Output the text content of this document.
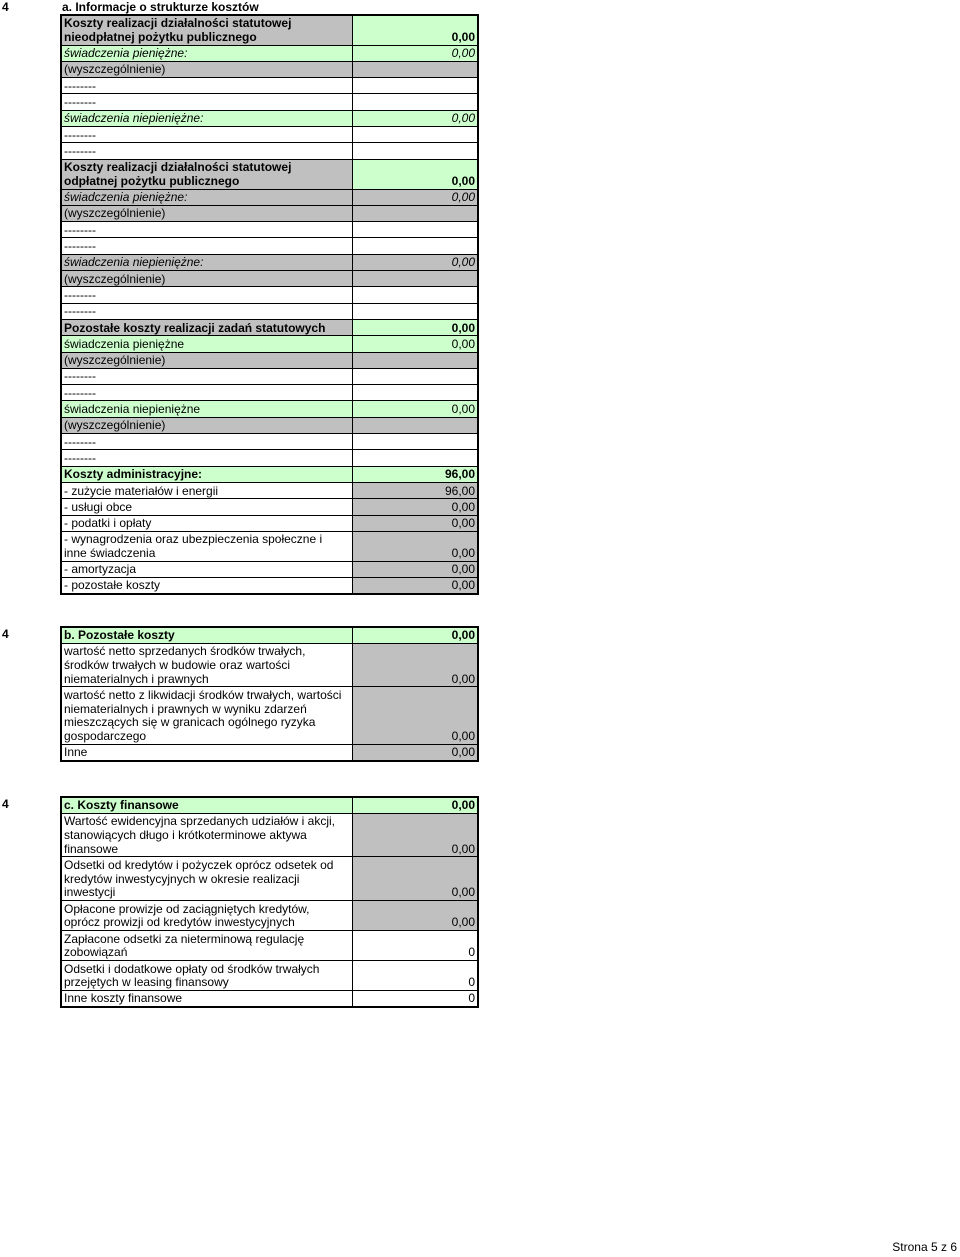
4	a. Informacje o strukturze kosztów
Koszty realizacji działalności statutowej
nieodpłatnej pożytku publicznego	0,00
świadczenia pieniężne:	0,00
(wyszczególnienie)	
--------	
--------	
świadczenia niepieniężne:	0,00
--------	
--------	
Koszty realizacji działalności statutowej
odpłatnej pożytku publicznego	0,00
świadczenia pieniężne:	0,00
(wyszczególnienie)	
--------	
--------	
świadczenia niepieniężne:	0,00
(wyszczególnienie)	
--------	
--------	
Pozostałe koszty realizacji zadań statutowych	0,00
świadczenia pieniężne	0,00
(wyszczególnienie)	
--------	
--------	
świadczenia niepieniężne	0,00
(wyszczególnienie)	
--------	
--------	
Koszty administracyjne:	96,00
- zużycie materiałów i energii	96,00
- usługi obce	0,00
- podatki i opłaty	0,00
- wynagrodzenia oraz ubezpieczenia społeczne i
inne świadczenia	0,00
- amortyzacja	0,00
- pozostałe koszty	0,00
4	b. Pozostałe koszty	0,00
wartość netto sprzedanych środków trwałych,
środków trwałych w budowie oraz wartości
niematerialnych i prawnych	0,00
wartość netto z likwidacji środków trwałych, wartości
niematerialnych i prawnych w wyniku zdarzeń
mieszczących się w granicach ogólnego ryzyka
gospodarczego	0,00
Inne	0,00
4	c. Koszty finansowe	0,00
Wartość ewidencyjna sprzedanych udziałów i akcji,
stanowiących długo i krótkoterminowe aktywa
finansowe	0,00
Odsetki od kredytów i pożyczek oprócz odsetek od
kredytów inwestycyjnych w okresie realizacji
inwestycji	0,00
Opłacone prowizje od zaciągniętych kredytów,
oprócz prowizji od kredytów inwestycyjnych	0,00
Zapłacone odsetki za nieterminową regulację
zobowiązań	0
Odsetki i dodatkowe opłaty od środków trwałych
przejętych w leasing finansowy	0
Inne koszty finansowe	0
Strona 5 z 6
